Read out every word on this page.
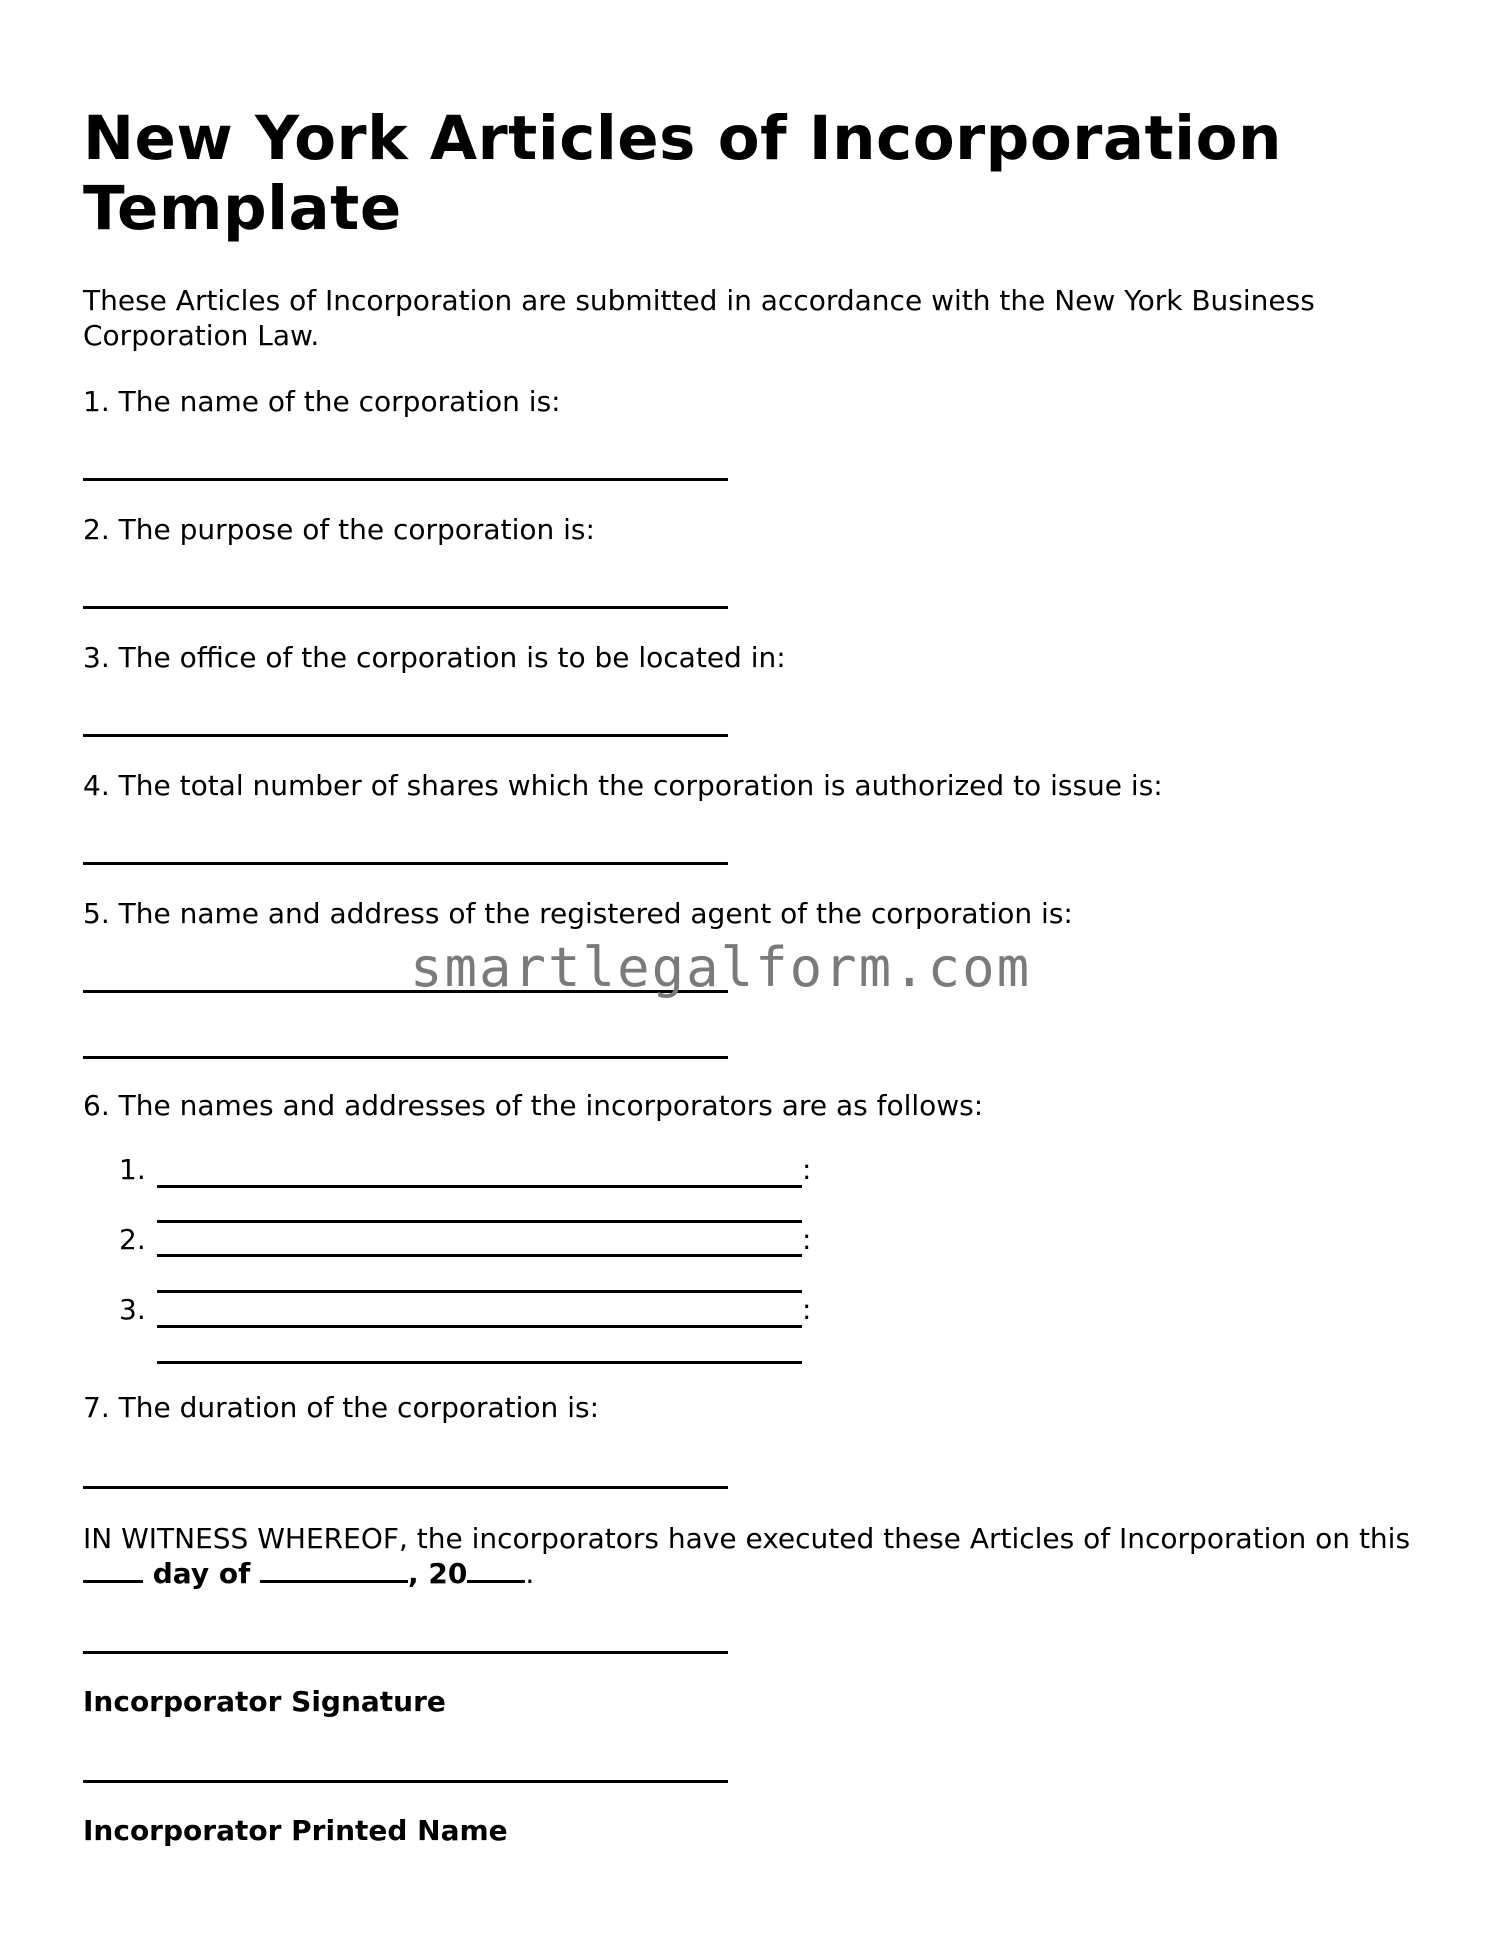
New York Articles of Incorporation Template
These Articles of Incorporation are submitted in accordance with the New York Business Corporation Law.
1. The name of the corporation is:
2. The purpose of the corporation is:
3. The office of the corporation is to be located in:
4. The total number of shares which the corporation is authorized to issue is:
5. The name and address of the registered agent of the corporation is:
smartlegalform.com
6. The names and addresses of the incorporators are as follows:
1.	:
2.	:
3.	:
7. The duration of the corporation is:
IN WITNESS WHEREOF, the incorporators have executed these Articles of Incorporation on this  day of	, 20 .
Incorporator Signature
Incorporator Printed Name
